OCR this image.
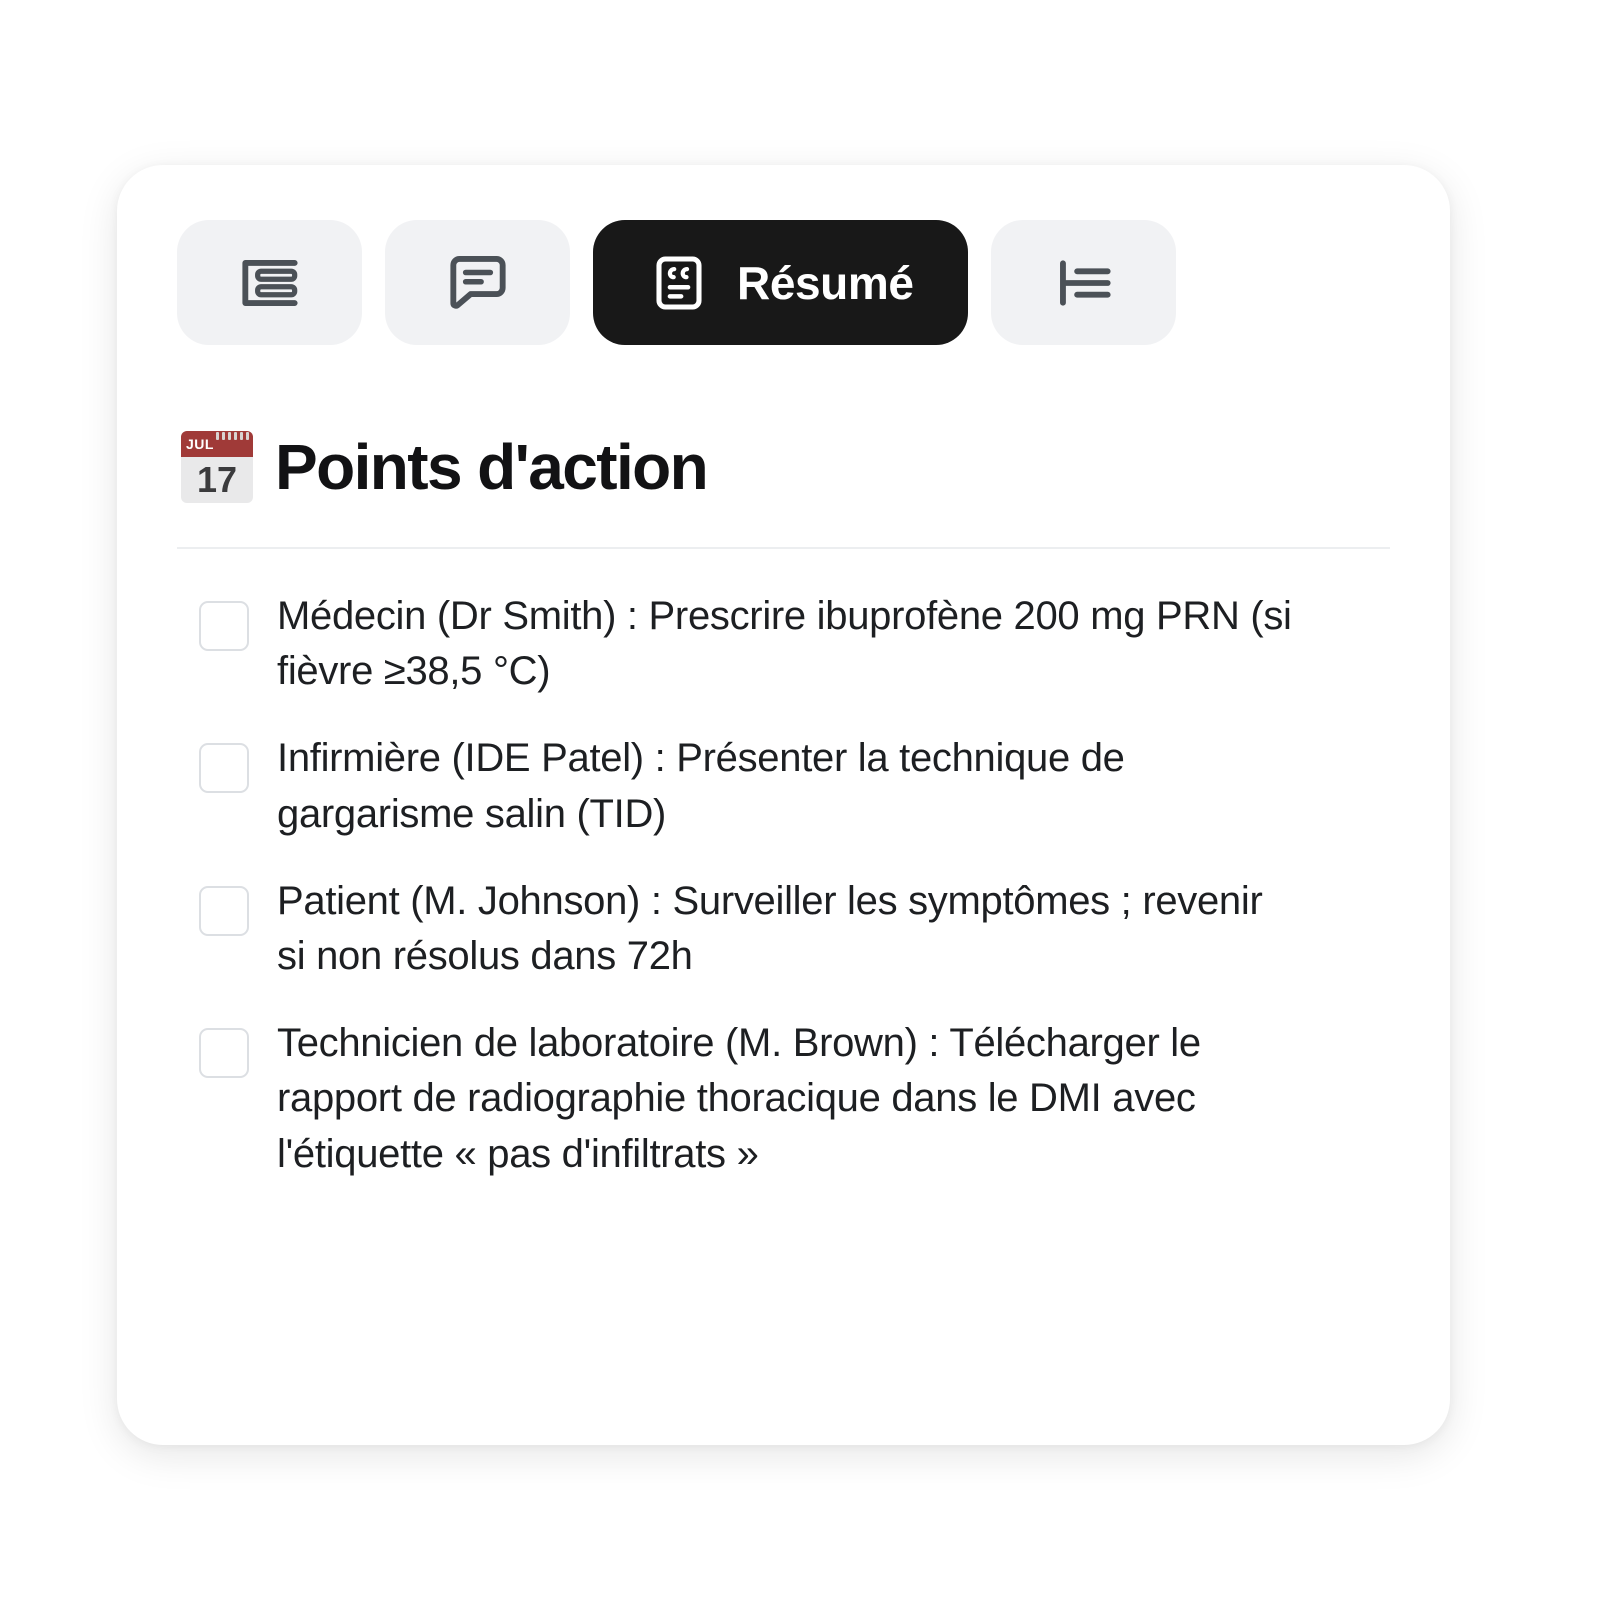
Résumé
JUL
17 Points d'action
Médecin (Dr Smith) : Prescrire ibuprofène 200 mg PRN (si fièvre ≥38,5 °C)
Infirmière (IDE Patel) : Présenter la technique de gargarisme salin (TID)
Patient (M. Johnson) : Surveiller les symptômes ; revenir si non résolus dans 72h
Technicien de laboratoire (M. Brown) : Télécharger le rapport de radiographie thoracique dans le DMI avec l'étiquette « pas d'infiltrats »
